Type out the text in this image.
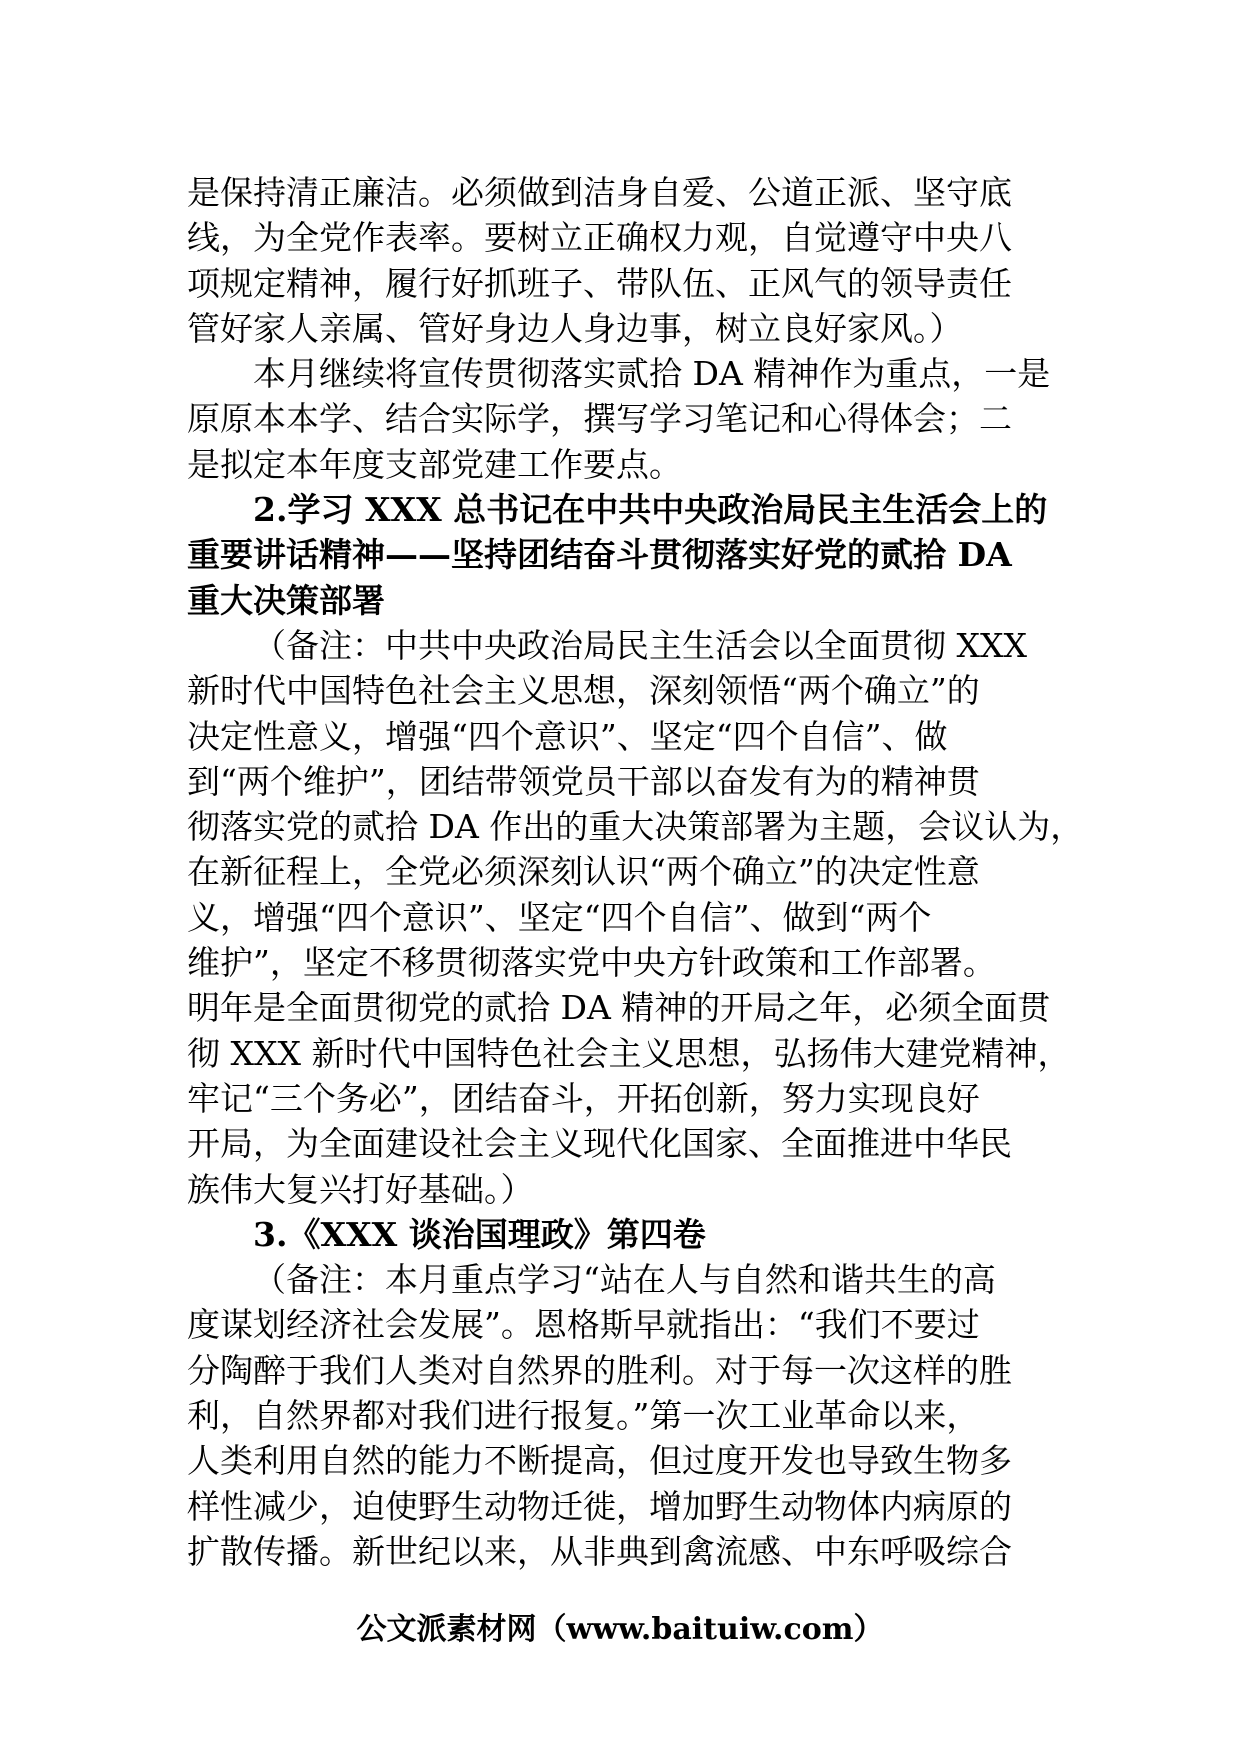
是保持清正廉洁。必须做到洁身自爱、公道正派、坚守底
线，为全党作表率。要树立正确权力观，自觉遵守中央八
项规定精神，履行好抓班子、带队伍、正风气的领导责任
管好家人亲属、管好身边人身边事，树立良好家风。）
本月继续将宣传贯彻落实贰拾 DA 精神作为重点，一是
原原本本学、结合实际学，撰写学习笔记和心得体会；二
是拟定本年度支部党建工作要点。
2.学习 XXX 总书记在中共中央政治局民主生活会上的
重要讲话精神——坚持团结奋斗贯彻落实好党的贰拾 DA
重大决策部署
（备注：中共中央政治局民主生活会以全面贯彻 XXX
新时代中国特色社会主义思想，深刻领悟“两个确立”的
决定性意义，增强“四个意识”、坚定“四个自信”、做
到“两个维护”，团结带领党员干部以奋发有为的精神贯
彻落实党的贰拾 DA 作出的重大决策部署为主题，会议认为，
在新征程上，全党必须深刻认识“两个确立”的决定性意
义，增强“四个意识”、坚定“四个自信”、做到“两个
维护”，坚定不移贯彻落实党中央方针政策和工作部署。
明年是全面贯彻党的贰拾 DA 精神的开局之年，必须全面贯
彻 XXX 新时代中国特色社会主义思想，弘扬伟大建党精神，
牢记“三个务必”，团结奋斗，开拓创新，努力实现良好
开局，为全面建设社会主义现代化国家、全面推进中华民
族伟大复兴打好基础。）
3.《XXX 谈治国理政》第四卷
（备注：本月重点学习“站在人与自然和谐共生的高
度谋划经济社会发展”。恩格斯早就指出：“我们不要过
分陶醉于我们人类对自然界的胜利。对于每一次这样的胜
利，自然界都对我们进行报复。”第一次工业革命以来，
人类利用自然的能力不断提高，但过度开发也导致生物多
样性减少，迫使野生动物迁徙，增加野生动物体内病原的
扩散传播。新世纪以来，从非典到禽流感、中东呼吸综合
公文派素材网（www.baituiw.com）
